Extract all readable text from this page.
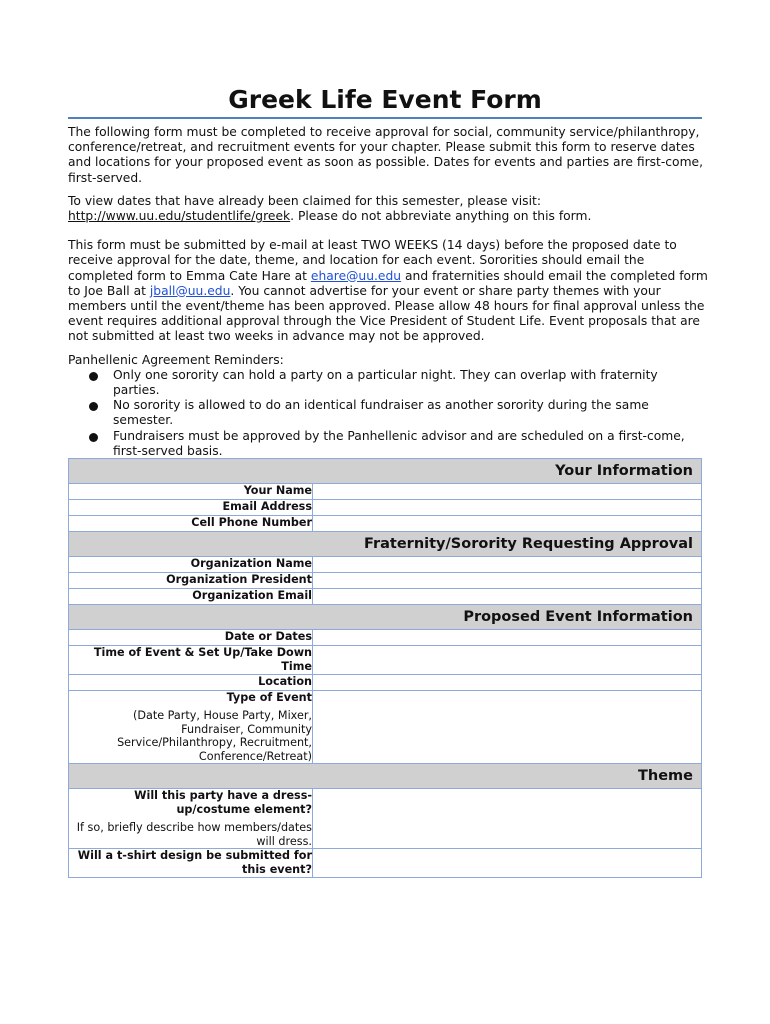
Greek Life Event Form

The following form must be completed to receive approval for social, community service/philanthropy, conference/retreat, and recruitment events for your chapter. Please submit this form to reserve dates and locations for your proposed event as soon as possible. Dates for events and parties are first-come, first-served.

To view dates that have already been claimed for this semester, please visit: http://www.uu.edu/studentlife/greek. Please do not abbreviate anything on this form.

This form must be submitted by e-mail at least TWO WEEKS (14 days) before the proposed date to receive approval for the date, theme, and location for each event. Sororities should email the completed form to Emma Cate Hare at ehare@uu.edu and fraternities should email the completed form to Joe Ball at jball@uu.edu. You cannot advertise for your event or share party themes with your members until the event/theme has been approved. Please allow 48 hours for final approval unless the event requires additional approval through the Vice President of Student Life. Event proposals that are not submitted at least two weeks in advance may not be approved.

Panhellenic Agreement Reminders:
Only one sorority can hold a party on a particular night. They can overlap with fraternity parties.
No sorority is allowed to do an identical fundraiser as another sorority during the same semester.
Fundraisers must be approved by the Panhellenic advisor and are scheduled on a first-come, first-served basis.
Your Information	
Your Name	
Email Address	
Cell Phone Number	
Fraternity/Sorority Requesting Approval	
Organization Name	
Organization President	
Organization Email	
Proposed Event Information	
Date or Dates	
Time of Event & Set Up/Take Down Time	
Location	
Type of Event
(Date Party, House Party, Mixer, Fundraiser, Community Service/Philanthropy, Recruitment, Conference/Retreat)	

Theme	
Will this party have a dress-up/costume element?
If so, briefly describe how members/dates will dress.	

Will a t-shirt design be submitted for this event?	
